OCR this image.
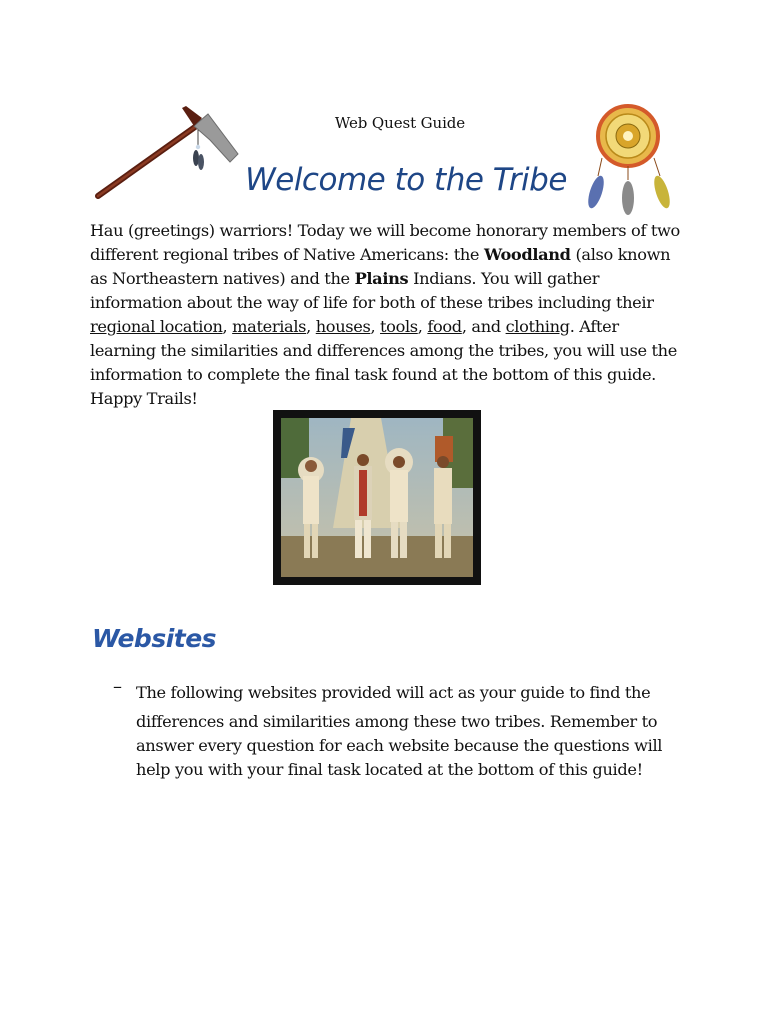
Web Quest Guide
Welcome to the Tribe

Hau (greetings) warriors! Today we will become honorary members of two different regional tribes of Native Americans: the Woodland (also known as Northeastern natives) and the Plains Indians. You will gather information about the way of life for both of these tribes including their regional location, materials, houses, tools, food, and clothing. After learning the similarities and differences among the tribes, you will use the information to complete the final task found at the bottom of this guide. Happy Trails!

Websites
– The following websites provided will act as your guide to find the
differences and similarities among these two tribes. Remember to answer every question for each website because the questions will help you with your final task located at the bottom of this guide!
